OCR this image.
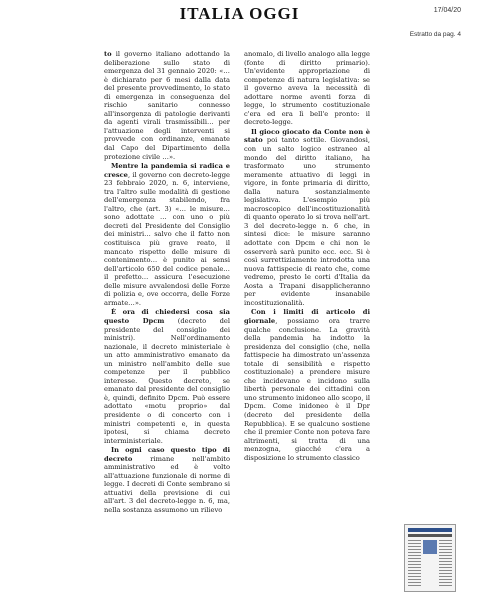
ITALIA OGGI	17/04/20
Estratto da pag. 4

to il governo italiano adottando la deliberazione sullo stato di emergenza del 31 gennaio 2020: «…è dichiarato per 6 mesi dalla data del presente provvedimento, lo stato di emergenza in conseguenza del rischio sanitario connesso all'insorgenza di patologie derivanti da agenti virali trasmissibili… per l'attuazione degli interventi si provvede con ordinanze, emanate dal Capo del Dipartimento della protezione civile …».

Mentre la pandemia si radica e cresce, il governo con decreto-legge 23 febbraio 2020, n. 6, interviene, tra l'altro sulle modalità di gestione dell'emergenza stabilendo, fra l'altro, che (art. 3) «… le misure… sono adottate … con uno o più decreti del Presidente del Consiglio dei ministri… salvo che il fatto non costituisca più grave reato, il mancato rispetto delle misure di contenimento… è punito ai sensi dell'articolo 650 del codice penale… il prefetto… assicura l'esecuzione delle misure avvalendosi delle Forze di polizia e, ove occorra, delle Forze armate…».

È ora di chiedersi cosa sia questo Dpcm (decreto del presidente del consiglio dei ministri). Nell'ordinamento nazionale, il decreto ministeriale è un atto amministrativo emanato da un ministro nell'ambito delle sue competenze per il pubblico interesse. Questo decreto, se emanato dal presidente del consiglio è, quindi, definito Dpcm. Può essere adottato «motu proprio» dal presidente o di concerto con i ministri competenti e, in questa ipotesi, si chiama decreto interministeriale.

In ogni caso questo tipo di decreto rimane nell'ambito amministrativo ed è volto all'attuazione funzionale di norme di legge. I decreti di Conte sembrano si attuativi della previsione di cui all'art. 3 del decreto-legge n. 6, ma, nella sostanza assumono un rilievo

anomalo, di livello analogo alla legge (fonte di diritto primario). Un'evidente appropriazione di competenze di natura legislativa: se il governo aveva la necessità di adottare norme aventi forza di legge, lo strumento costituzionale c'era ed era lì bell'e pronto: il decreto-legge.

Il gioco giocato da Conte non è stato poi tanto sottile. Giovandosi, con un salto logico estraneo al mondo del diritto italiano, ha trasformato uno strumento meramente attuativo di leggi in vigore, in fonte primaria di diritto, dalla natura sostanzialmente legislativa. L'esempio più macroscopico dell'incostituzionalità di quanto operato lo si trova nell'art. 3 del decreto-legge n. 6 che, in sintesi dice: le misure saranno adottate con Dpcm e chi non le osserverà sarà punito ecc. ecc. Si è così surrettiziamente introdotta una nuova fattispecie di reato che, come vedremo, presto le corti d'Italia da Aosta a Trapani disapplicheranno per evidente insanabile incostituzionalità.

Con i limiti di articolo di giornale, possiamo ora trarre qualche conclusione. La gravità della pandemia ha indotto la presidenza del consiglio (che, nella fattispecie ha dimostrato un'assenza totale di sensibilità e rispetto costituzionale) a prendere misure che incidevano e incidono sulla libertà personale dei cittadini con uno strumento inidoneo allo scopo, il Dpcm. Come inidoneo è il Dpr (decreto del presidente della Repubblica). E se qualcuno sostiene che il premier Conte non poteva fare altrimenti, si tratta di una menzogna, giacché c'era a disposizione lo strumento classico
